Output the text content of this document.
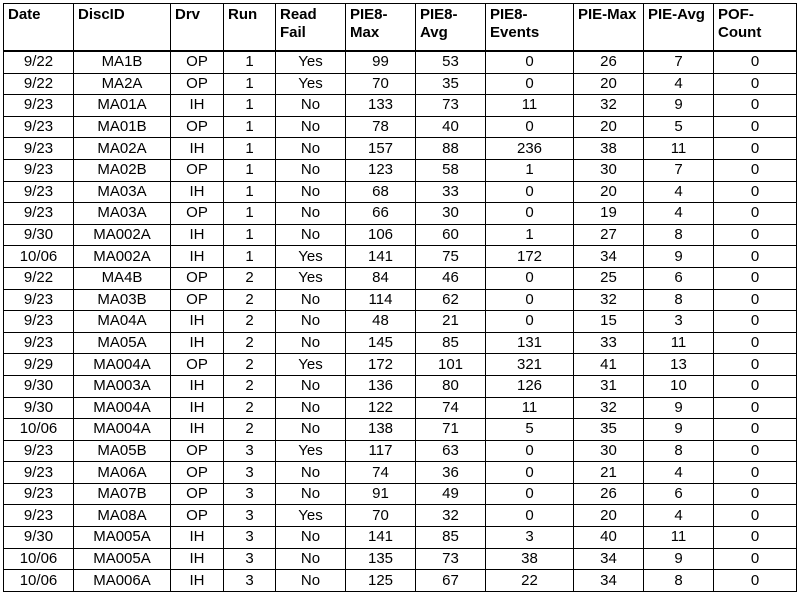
Date	DiscID	Drv	Run	Read Fail	PIE8-Max	PIE8-Avg	PIE8-Events	PIE-Max	PIE-Avg	POF-Count
9/22	MA1B	OP	1	Yes	99	53	0	26	7	0
9/22	MA2A	OP	1	Yes	70	35	0	20	4	0
9/23	MA01A	IH	1	No	133	73	11	32	9	0
9/23	MA01B	OP	1	No	78	40	0	20	5	0
9/23	MA02A	IH	1	No	157	88	236	38	11	0
9/23	MA02B	OP	1	No	123	58	1	30	7	0
9/23	MA03A	IH	1	No	68	33	0	20	4	0
9/23	MA03A	OP	1	No	66	30	0	19	4	0
9/30	MA002A	IH	1	No	106	60	1	27	8	0
10/06	MA002A	IH	1	Yes	141	75	172	34	9	0
9/22	MA4B	OP	2	Yes	84	46	0	25	6	0
9/23	MA03B	OP	2	No	114	62	0	32	8	0
9/23	MA04A	IH	2	No	48	21	0	15	3	0
9/23	MA05A	IH	2	No	145	85	131	33	11	0
9/29	MA004A	OP	2	Yes	172	101	321	41	13	0
9/30	MA003A	IH	2	No	136	80	126	31	10	0
9/30	MA004A	IH	2	No	122	74	11	32	9	0
10/06	MA004A	IH	2	No	138	71	5	35	9	0
9/23	MA05B	OP	3	Yes	117	63	0	30	8	0
9/23	MA06A	OP	3	No	74	36	0	21	4	0
9/23	MA07B	OP	3	No	91	49	0	26	6	0
9/23	MA08A	OP	3	Yes	70	32	0	20	4	0
9/30	MA005A	IH	3	No	141	85	3	40	11	0
10/06	MA005A	IH	3	No	135	73	38	34	9	0
10/06	MA006A	IH	3	No	125	67	22	34	8	0
